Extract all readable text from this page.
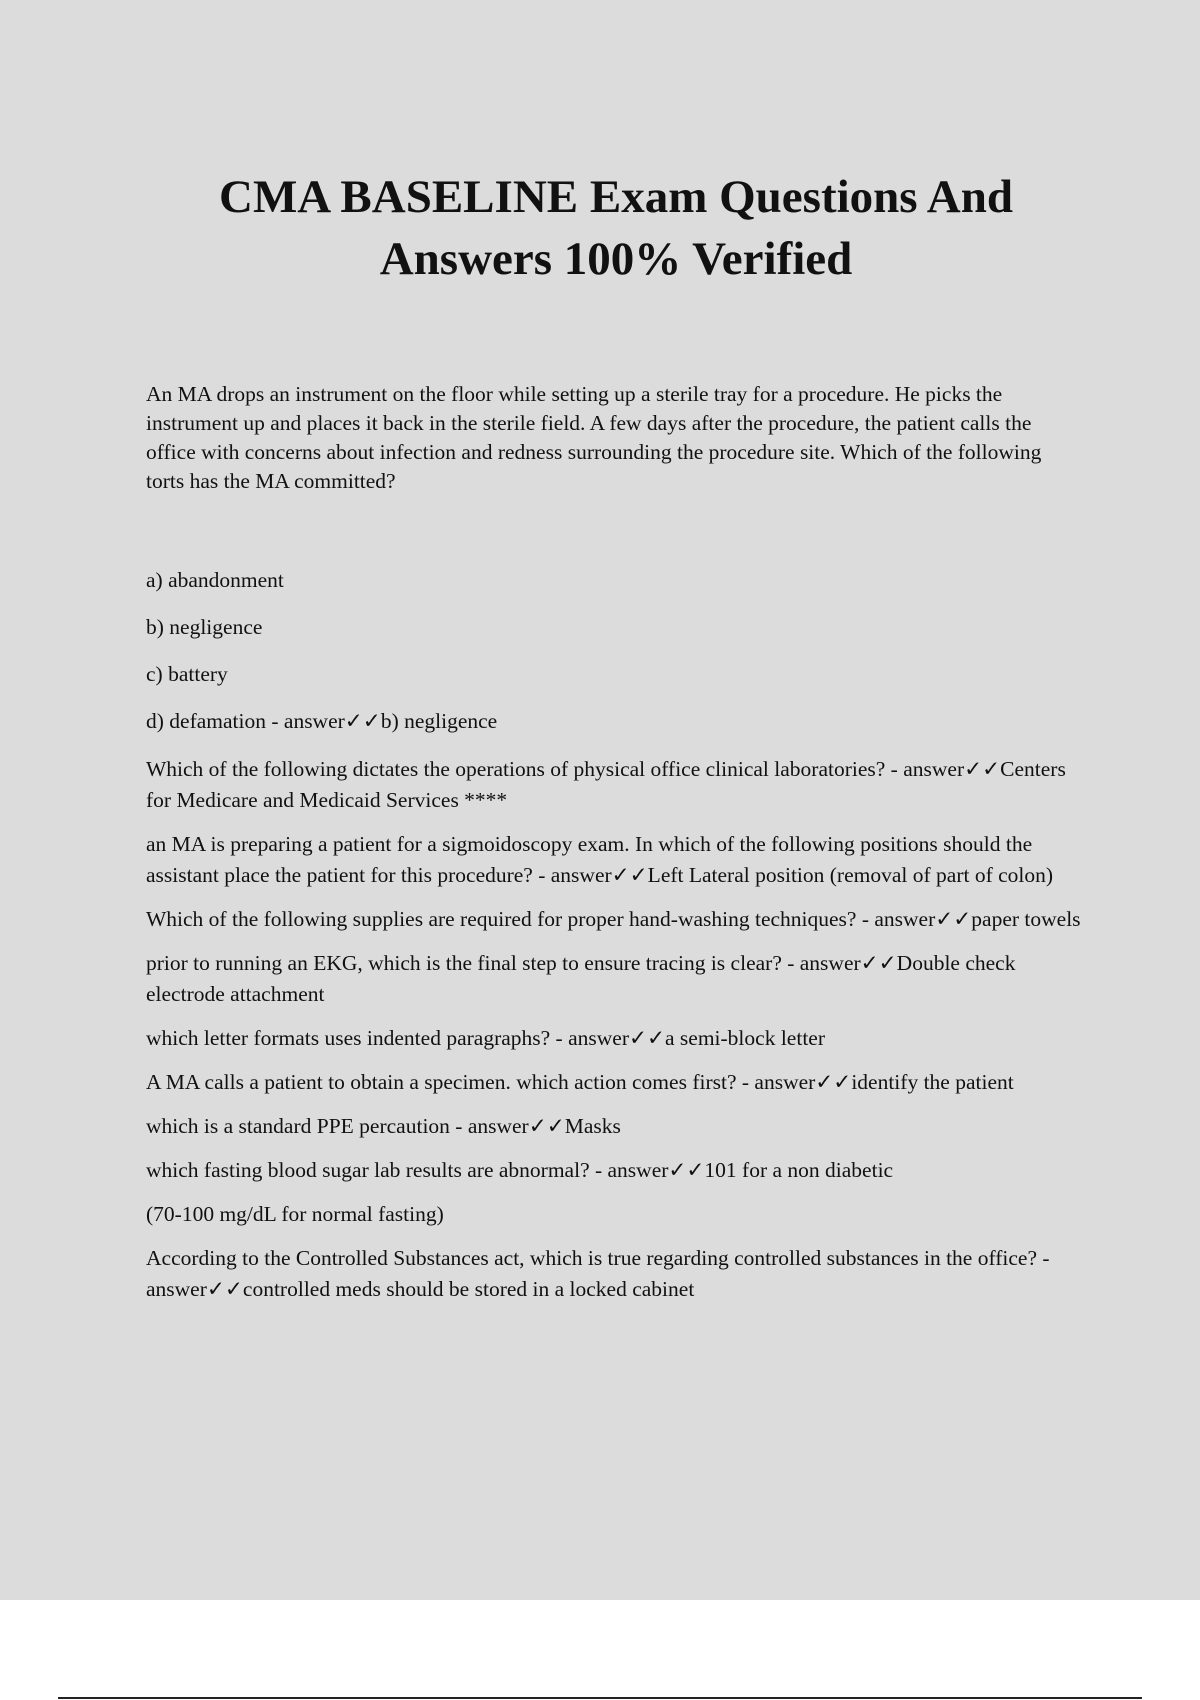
CMA BASELINE Exam Questions And Answers 100% Verified

An MA drops an instrument on the floor while setting up a sterile tray for a procedure. He picks the instrument up and places it back in the sterile field. A few days after the procedure, the patient calls the office with concerns about infection and redness surrounding the procedure site. Which of the following torts has the MA committed?

a) abandonment

b) negligence

c) battery

d) defamation - answer✓✓b) negligence

Which of the following dictates the operations of physical office clinical laboratories? - answer✓✓Centers for Medicare and Medicaid Services ****

an MA is preparing a patient for a sigmoidoscopy exam. In which of the following positions should the assistant place the patient for this procedure? - answer✓✓Left Lateral position (removal of part of colon)

Which of the following supplies are required for proper hand-washing techniques? - answer✓✓paper towels

prior to running an EKG, which is the final step to ensure tracing is clear? - answer✓✓Double check electrode attachment

which letter formats uses indented paragraphs? - answer✓✓a semi-block letter

A MA calls a patient to obtain a specimen. which action comes first? - answer✓✓identify the patient

which is a standard PPE percaution - answer✓✓Masks

which fasting blood sugar lab results are abnormal? - answer✓✓101 for a non diabetic

(70-100 mg/dL for normal fasting)

According to the Controlled Substances act, which is true regarding controlled substances in the office? - answer✓✓controlled meds should be stored in a locked cabinet
